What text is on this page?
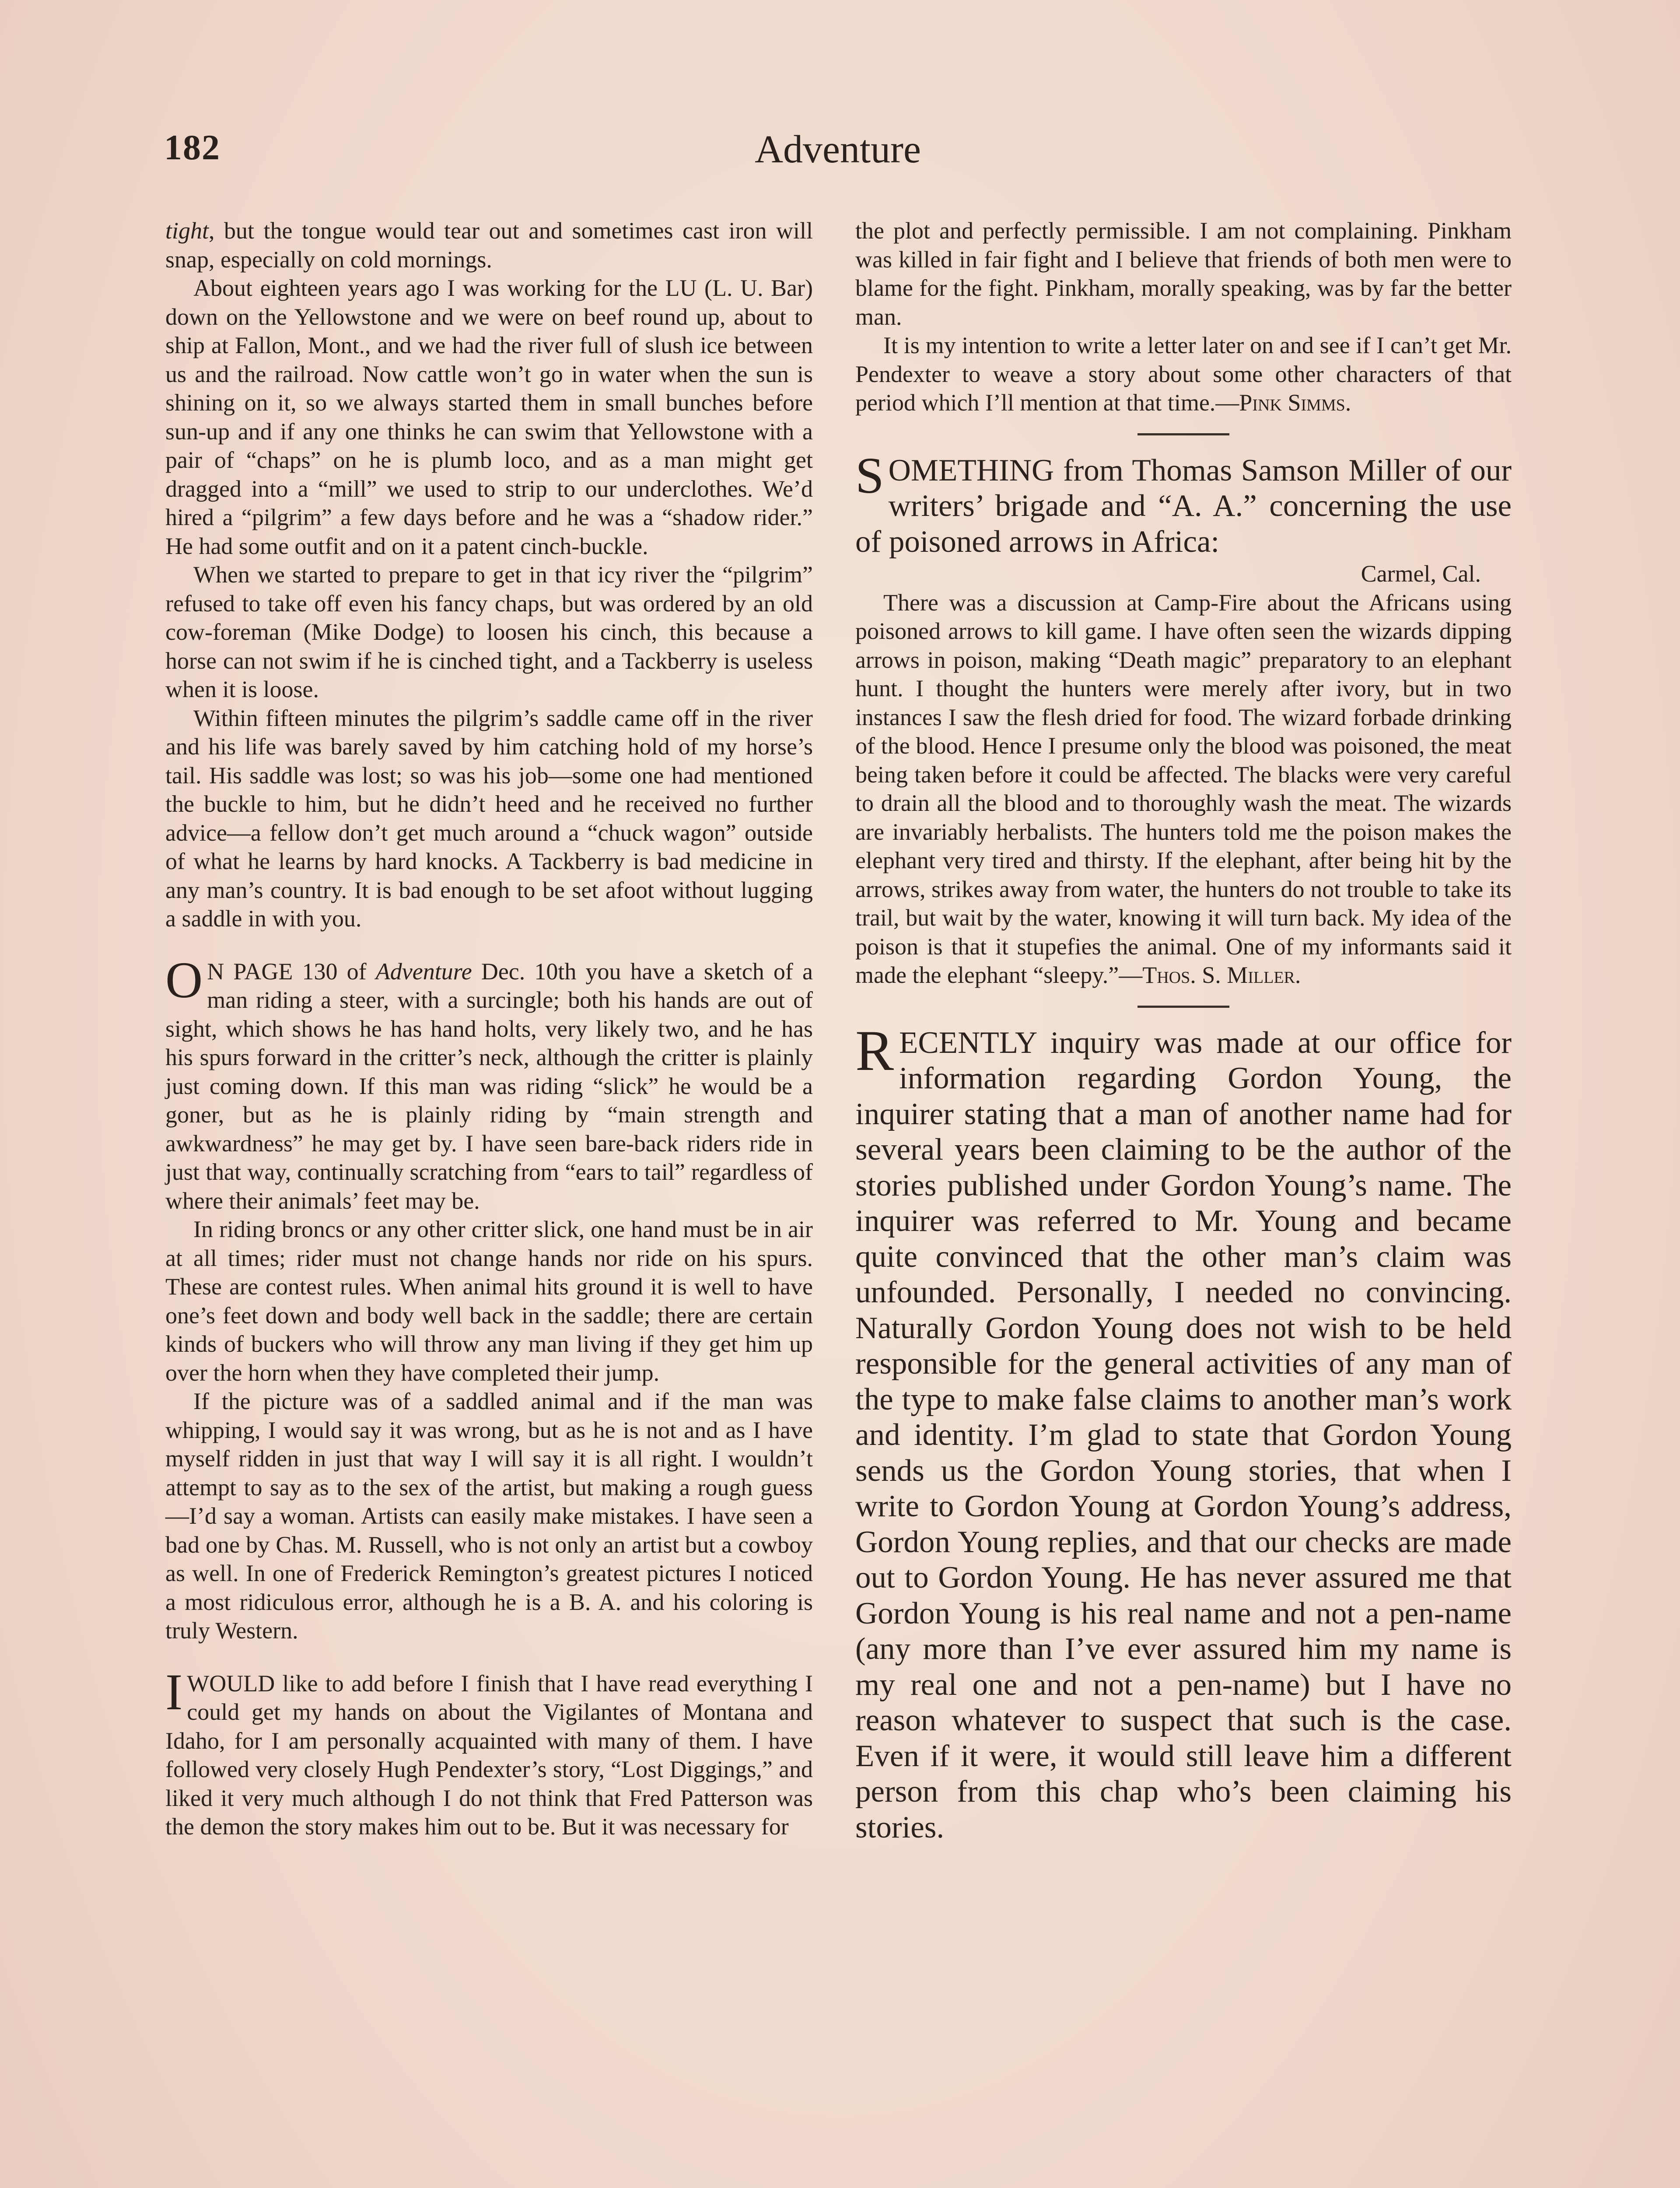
Adventure
182

tight, but the tongue would tear out and sometimes cast iron will snap, especially on cold mornings.

About eighteen years ago I was working for the LU (L. U. Bar) down on the Yellowstone and we were on beef round up, about to ship at Fallon, Mont., and we had the river full of slush ice between us and the railroad. Now cattle won’t go in water when the sun is shining on it, so we always started them in small bunches before sun-up and if any one thinks he can swim that Yellowstone with a pair of “chaps” on he is plumb loco, and as a man might get dragged into a “mill” we used to strip to our underclothes. We’d hired a “pilgrim” a few days before and he was a “shadow rider.” He had some outfit and on it a patent cinch-buckle.

When we started to prepare to get in that icy river the “pilgrim” refused to take off even his fancy chaps, but was ordered by an old cow-foreman (Mike Dodge) to loosen his cinch, this because a horse can not swim if he is cinched tight, and a Tackberry is useless when it is loose.

Within fifteen minutes the pilgrim’s saddle came off in the river and his life was barely saved by him catching hold of my horse’s tail. His saddle was lost; so was his job—some one had mentioned the buckle to him, but he didn’t heed and he received no further advice—a fellow don’t get much around a “chuck wagon” outside of what he learns by hard knocks. A Tackberry is bad medicine in any man’s country. It is bad enough to be set afoot without lugging a saddle in with you.

O N PAGE 130 of Adventure Dec. 10th you have a sketch of a man riding a steer, with a surcingle; both his hands are out of sight, which shows he has hand holts, very likely two, and he has his spurs forward in the critter’s neck, although the critter is plainly just coming down. If this man was riding “slick” he would be a goner, but as he is plainly riding by “main strength and awkwardness” he may get by. I have seen bare-back riders ride in just that way, continually scratching from “ears to tail” regardless of where their animals’ feet may be.

In riding broncs or any other critter slick, one hand must be in air at all times; rider must not change hands nor ride on his spurs. These are contest rules. When animal hits ground it is well to have one’s feet down and body well back in the saddle; there are certain kinds of buckers who will throw any man living if they get him up over the horn when they have completed their jump.

If the picture was of a saddled animal and if the man was whipping, I would say it was wrong, but as he is not and as I have myself ridden in just that way I will say it is all right. I wouldn’t attempt to say as to the sex of the artist, but making a rough guess —I’d say a woman. Artists can easily make mistakes. I have seen a bad one by Chas. M. Russell, who is not only an artist but a cowboy as well. In one of Frederick Remington’s greatest pictures I noticed a most ridiculous error, although he is a B. A. and his coloring is truly Western.

IWOULD like to add before I finish that I have read everything I could get my hands on about the Vigilantes of Montana and Idaho, for I am personally acquainted with many of them. I have followed very closely Hugh Pendexter’s story, “Lost Diggings,” and liked it very much although I do not think that Fred Patterson was the demon the story makes him out to be. But it was necessary for

the plot and perfectly permissible. I am not complaining. Pinkham was killed in fair fight and I believe that friends of both men were to blame for the fight. Pinkham, morally speaking, was by far the better man.

It is my intention to write a letter later on and see if I can’t get Mr. Pendexter to weave a story about some other characters of that period which I’ll mention at that time.—Pink Simms.

SOMETHING from Thomas Samson Miller of our writers’ brigade and “A. A.” concerning the use of poisoned arrows in Africa:

Carmel, Cal.

There was a discussion at Camp-Fire about the Africans using poisoned arrows to kill game. I have often seen the wizards dipping arrows in poison, making “Death magic” preparatory to an elephant hunt. I thought the hunters were merely after ivory, but in two instances I saw the flesh dried for food. The wizard forbade drinking of the blood. Hence I presume only the blood was poisoned, the meat being taken before it could be affected. The blacks were very careful to drain all the blood and to thoroughly wash the meat. The wizards are invariably herbalists. The hunters told me the poison makes the elephant very tired and thirsty. If the elephant, after being hit by the arrows, strikes away from water, the hunters do not trouble to take its trail, but wait by the water, knowing it will turn back. My idea of the poison is that it stupefies the animal. One of my informants said it made the elephant “sleepy.”—Thos. S. Miller.

RECENTLY inquiry was made at our office for information regarding Gordon Young, the inquirer stating that a man of another name had for several years been claiming to be the author of the stories published under Gordon Young’s name. The inquirer was referred to Mr. Young and became quite convinced that the other man’s claim was unfounded. Personally, I needed no convincing. Naturally Gordon Young does not wish to be held responsible for the general activities of any man of the type to make false claims to another man’s work and identity. I’m glad to state that Gordon Young sends us the Gordon Young stories, that when I write to Gordon Young at Gordon Young’s address, Gordon Young replies, and that our checks are made out to Gordon Young. He has never assured me that Gordon Young is his real name and not a pen-name (any more than I’ve ever assured him my name is my real one and not a pen-name) but I have no reason whatever to suspect that such is the case. Even if it were, it would still leave him a different person from this chap who’s been claiming his stories.
